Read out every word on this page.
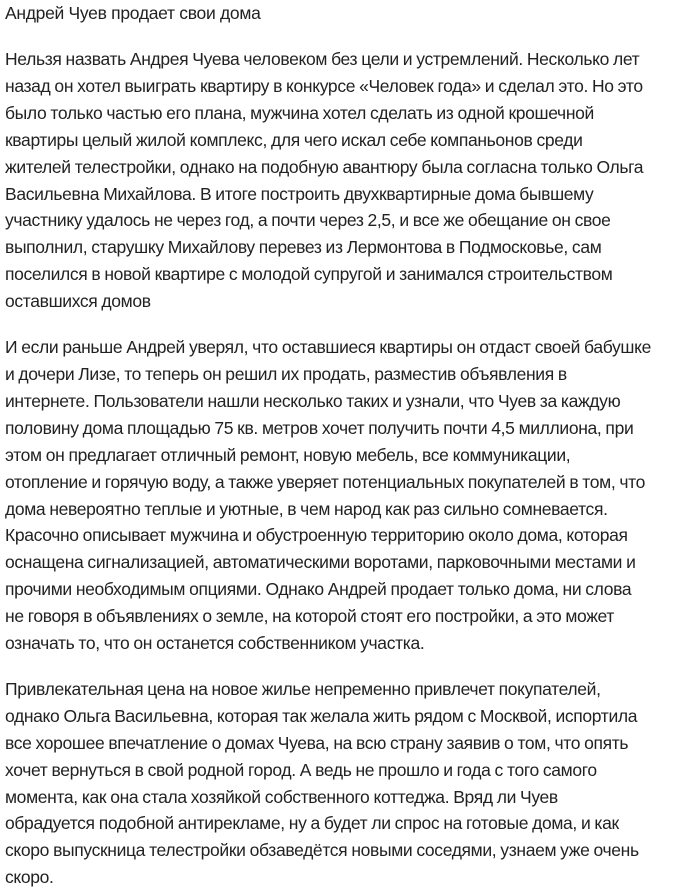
Андрей Чуев продает свои дома

Нельзя назвать Андрея Чуева человеком без цели и устремлений. Несколько лет
назад он хотел выиграть квартиру в конкурсе «Человек года» и сделал это. Но это
было только частью его плана, мужчина хотел сделать из одной крошечной
квартиры целый жилой комплекс, для чего искал себе компаньонов среди
жителей телестройки, однако на подобную авантюру была согласна только Ольга
Васильевна Михайлова. В итоге построить двухквартирные дома бывшему
участнику удалось не через год, а почти через 2,5, и все же обещание он свое
выполнил, старушку Михайлову перевез из Лермонтова в Подмосковье, сам
поселился в новой квартире с молодой супругой и занимался строительством
оставшихся домов

И если раньше Андрей уверял, что оставшиеся квартиры он отдаст своей бабушке
и дочери Лизе, то теперь он решил их продать, разместив объявления в
интернете. Пользователи нашли несколько таких и узнали, что Чуев за каждую
половину дома площадью 75 кв. метров хочет получить почти 4,5 миллиона, при
этом он предлагает отличный ремонт, новую мебель, все коммуникации,
отопление и горячую воду, а также уверяет потенциальных покупателей в том, что
дома невероятно теплые и уютные, в чем народ как раз сильно сомневается.
Красочно описывает мужчина и обустроенную территорию около дома, которая
оснащена сигнализацией, автоматическими воротами, парковочными местами и
прочими необходимым опциями. Однако Андрей продает только дома, ни слова
не говоря в объявлениях о земле, на которой стоят его постройки, а это может
означать то, что он останется собственником участка.

Привлекательная цена на новое жилье непременно привлечет покупателей,
однако Ольга Васильевна, которая так желала жить рядом с Москвой, испортила
все хорошее впечатление о домах Чуева, на всю страну заявив о том, что опять
хочет вернуться в свой родной город. А ведь не прошло и года с того самого
момента, как она стала хозяйкой собственного коттеджа. Вряд ли Чуев
обрадуется подобной антирекламе, ну а будет ли спрос на готовые дома, и как
скоро выпускница телестройки обзаведётся новыми соседями, узнаем уже очень
скоро.
